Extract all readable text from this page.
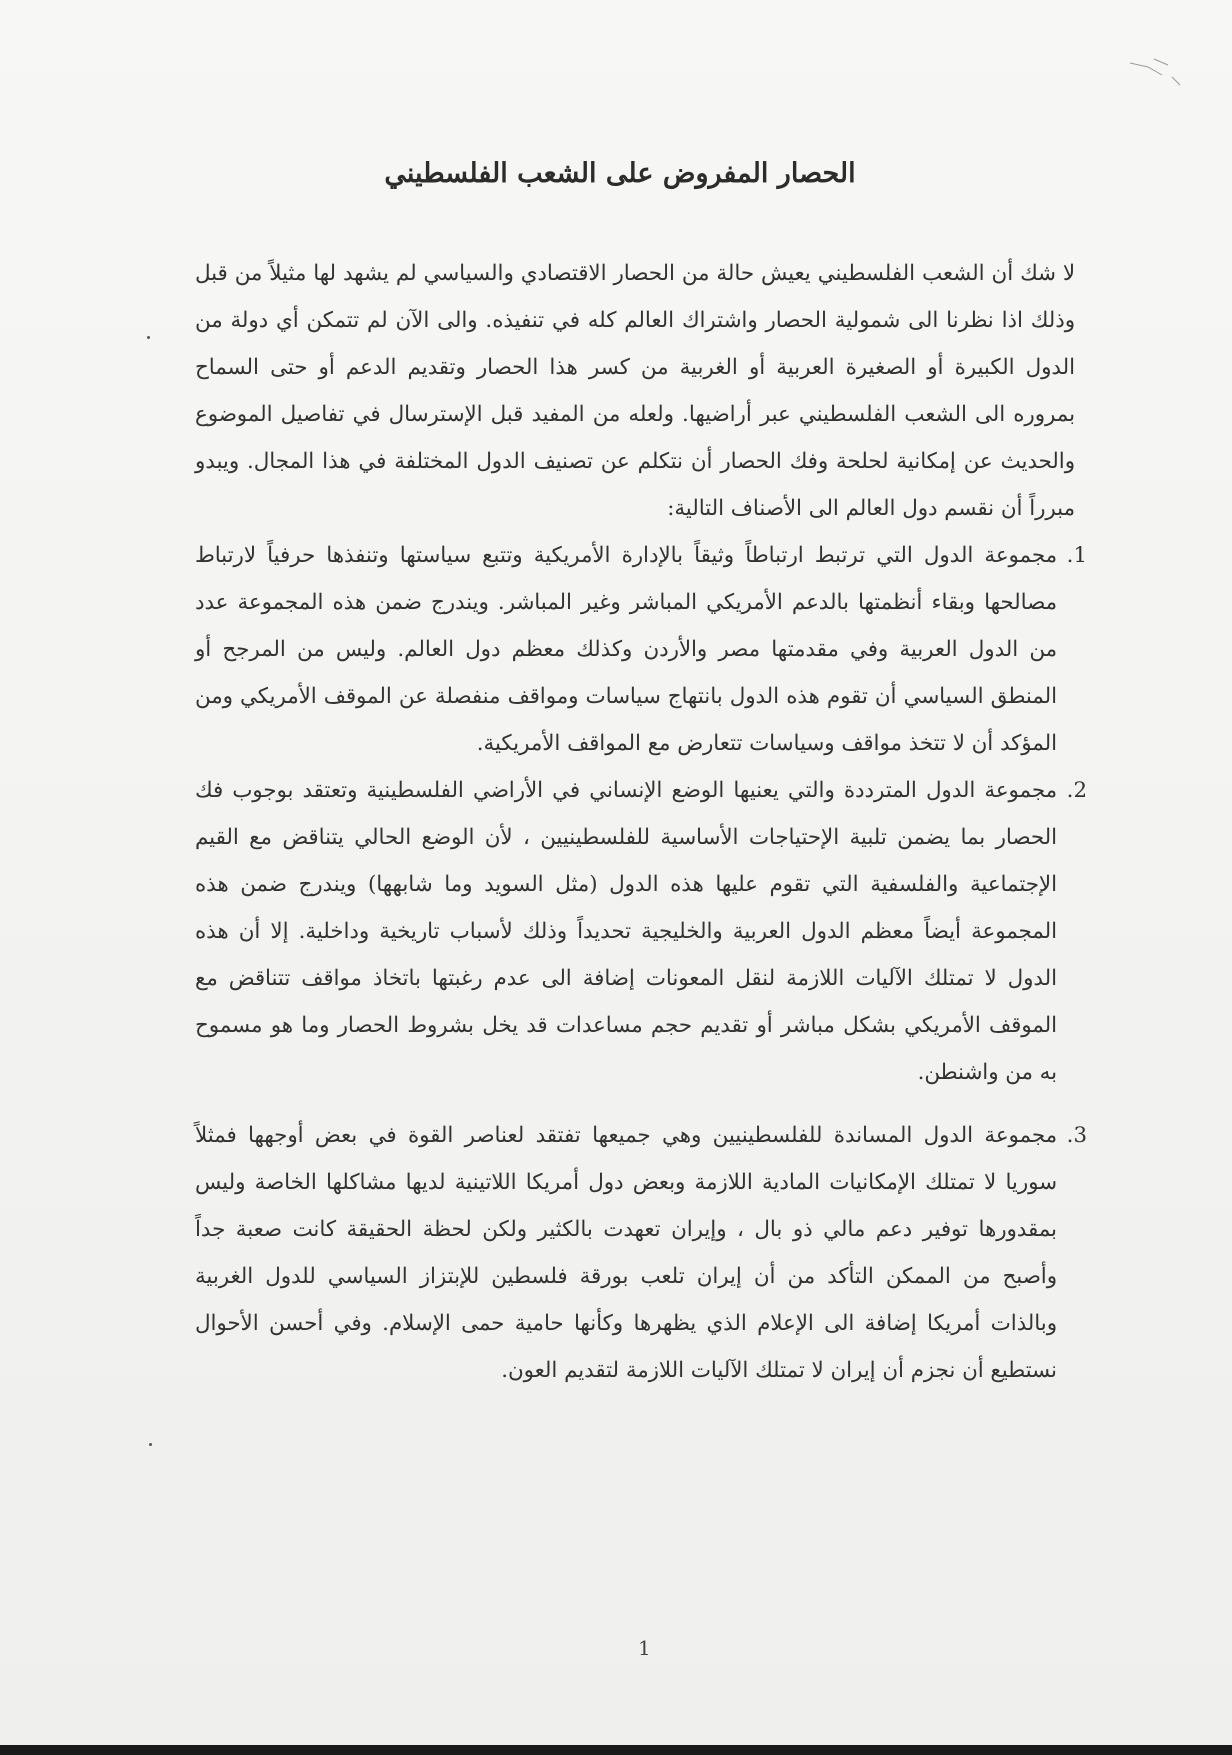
الحصار المفروض على الشعب الفلسطيني

لا شك أن الشعب الفلسطيني يعيش حالة من الحصار الاقتصادي والسياسي لم يشهد لها مثيلاً من قبل وذلك اذا نظرنا الى شمولية الحصار واشتراك العالم كله في تنفيذه. والى الآن لم تتمكن أي دولة من الدول الكبيرة أو الصغيرة العربية أو الغربية من كسر هذا الحصار وتقديم الدعم أو حتى السماح بمروره الى الشعب الفلسطيني عبر أراضيها. ولعله من المفيد قبل الإسترسال في تفاصيل الموضوع والحديث عن إمكانية لحلحة وفك الحصار أن نتكلم عن تصنيف الدول المختلفة في هذا المجال. ويبدو مبرراً أن نقسم دول العالم الى الأصناف التالية:

.1
مجموعة الدول التي ترتبط ارتباطاً وثيقاً بالإدارة الأمريكية وتتبع سياستها وتنفذها حرفياً لارتباط مصالحها وبقاء أنظمتها بالدعم الأمريكي المباشر وغير المباشر. ويندرج ضمن هذه المجموعة عدد من الدول العربية وفي مقدمتها مصر والأردن وكذلك معظم دول العالم. وليس من المرجح أو المنطق السياسي أن تقوم هذه الدول بانتهاج سياسات ومواقف منفصلة عن الموقف الأمريكي ومن المؤكد أن لا تتخذ مواقف وسياسات تتعارض مع المواقف الأمريكية.
.2
مجموعة الدول المترددة والتي يعنيها الوضع الإنساني في الأراضي الفلسطينية وتعتقد بوجوب فك الحصار بما يضمن تلبية الإحتياجات الأساسية للفلسطينيين ، لأن الوضع الحالي يتناقض مع القيم الإجتماعية والفلسفية التي تقوم عليها هذه الدول (مثل السويد وما شابهها) ويندرج ضمن هذه المجموعة أيضاً معظم الدول العربية والخليجية تحديداً وذلك لأسباب تاريخية وداخلية. إلا أن هذه الدول لا تمتلك الآليات اللازمة لنقل المعونات إضافة الى عدم رغبتها باتخاذ مواقف تتناقض مع الموقف الأمريكي بشكل مباشر أو تقديم حجم مساعدات قد يخل بشروط الحصار وما هو مسموح به من واشنطن.
.3
مجموعة الدول المساندة للفلسطينيين وهي جميعها تفتقد لعناصر القوة في بعض أوجهها فمثلاً سوريا لا تمتلك الإمكانيات المادية اللازمة وبعض دول أمريكا اللاتينية لديها مشاكلها الخاصة وليس بمقدورها توفير دعم مالي ذو بال ، وإيران تعهدت بالكثير ولكن لحظة الحقيقة كانت صعبة جداً وأصبح من الممكن التأكد من أن إيران تلعب بورقة فلسطين للإبتزاز السياسي للدول الغربية وبالذات أمريكا إضافة الى الإعلام الذي يظهرها وكأنها حامية حمى الإسلام. وفي أحسن الأحوال نستطيع أن نجزم أن إيران لا تمتلك الآليات اللازمة لتقديم العون.
1
